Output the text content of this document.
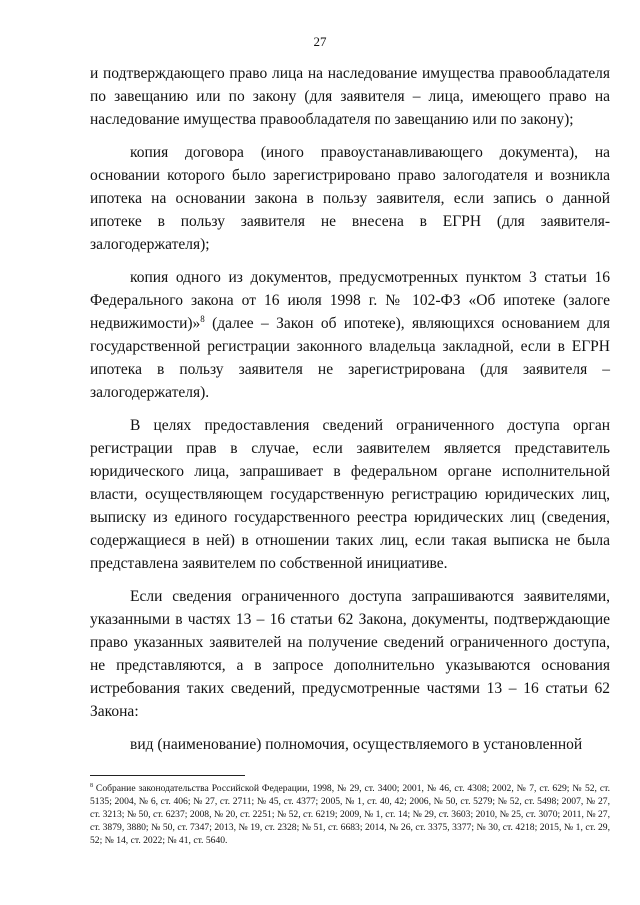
27

и подтверждающего право лица на наследование имущества правообладателя по завещанию или по закону (для заявителя – лица, имеющего право на наследование имущества правообладателя по завещанию или по закону);

копия договора (иного правоустанавливающего документа), на основании которого было зарегистрировано право залогодателя и возникла ипотека на основании закона в пользу заявителя, если запись о данной ипотеке в пользу заявителя не внесена в ЕГРН (для заявителя-залогодержателя);

копия одного из документов, предусмотренных пунктом 3 статьи 16 Федерального закона от 16 июля 1998 г. № 102-ФЗ «Об ипотеке (залоге недвижимости)»$^8$ (далее – Закон об ипотеке), являющихся основанием для государственной регистрации законного владельца закладной, если в ЕГРН ипотека в пользу заявителя не зарегистрирована (для заявителя – залогодержателя).

В целях предоставления сведений ограниченного доступа орган регистрации прав в случае, если заявителем является представитель юридического лица, запрашивает в федеральном органе исполнительной власти, осуществляющем государственную регистрацию юридических лиц, выписку из единого государственного реестра юридических лиц (сведения, содержащиеся в ней) в отношении таких лиц, если такая выписка не была представлена заявителем по собственной инициативе.

Если сведения ограниченного доступа запрашиваются заявителями, указанными в частях 13 – 16 статьи 62 Закона, документы, подтверждающие право указанных заявителей на получение сведений ограниченного доступа, не представляются, а в запросе дополнительно указываются основания истребования таких сведений, предусмотренные частями 13 – 16 статьи 62 Закона:

вид (наименование) полномочия, осуществляемого в установленной

$^8$ Собрание законодательства Российской Федерации, 1998, № 29, ст. 3400; 2001, № 46, ст. 4308; 2002, № 7, ст. 629; № 52, ст. 5135; 2004, № 6, ст. 406; № 27, ст. 2711; № 45, ст. 4377; 2005, № 1, ст. 40, 42; 2006, № 50, ст. 5279; № 52, ст. 5498; 2007, № 27, ст. 3213; № 50, ст. 6237; 2008, № 20, ст. 2251; № 52, ст. 6219; 2009, № 1, ст. 14; № 29, ст. 3603; 2010, № 25, ст. 3070; 2011, № 27, ст. 3879, 3880; № 50, ст. 7347; 2013, № 19, ст. 2328; № 51, ст. 6683; 2014, № 26, ст. 3375, 3377; № 30, ст. 4218; 2015, № 1, ст. 29, 52; № 14, ст. 2022; № 41, ст. 5640.
